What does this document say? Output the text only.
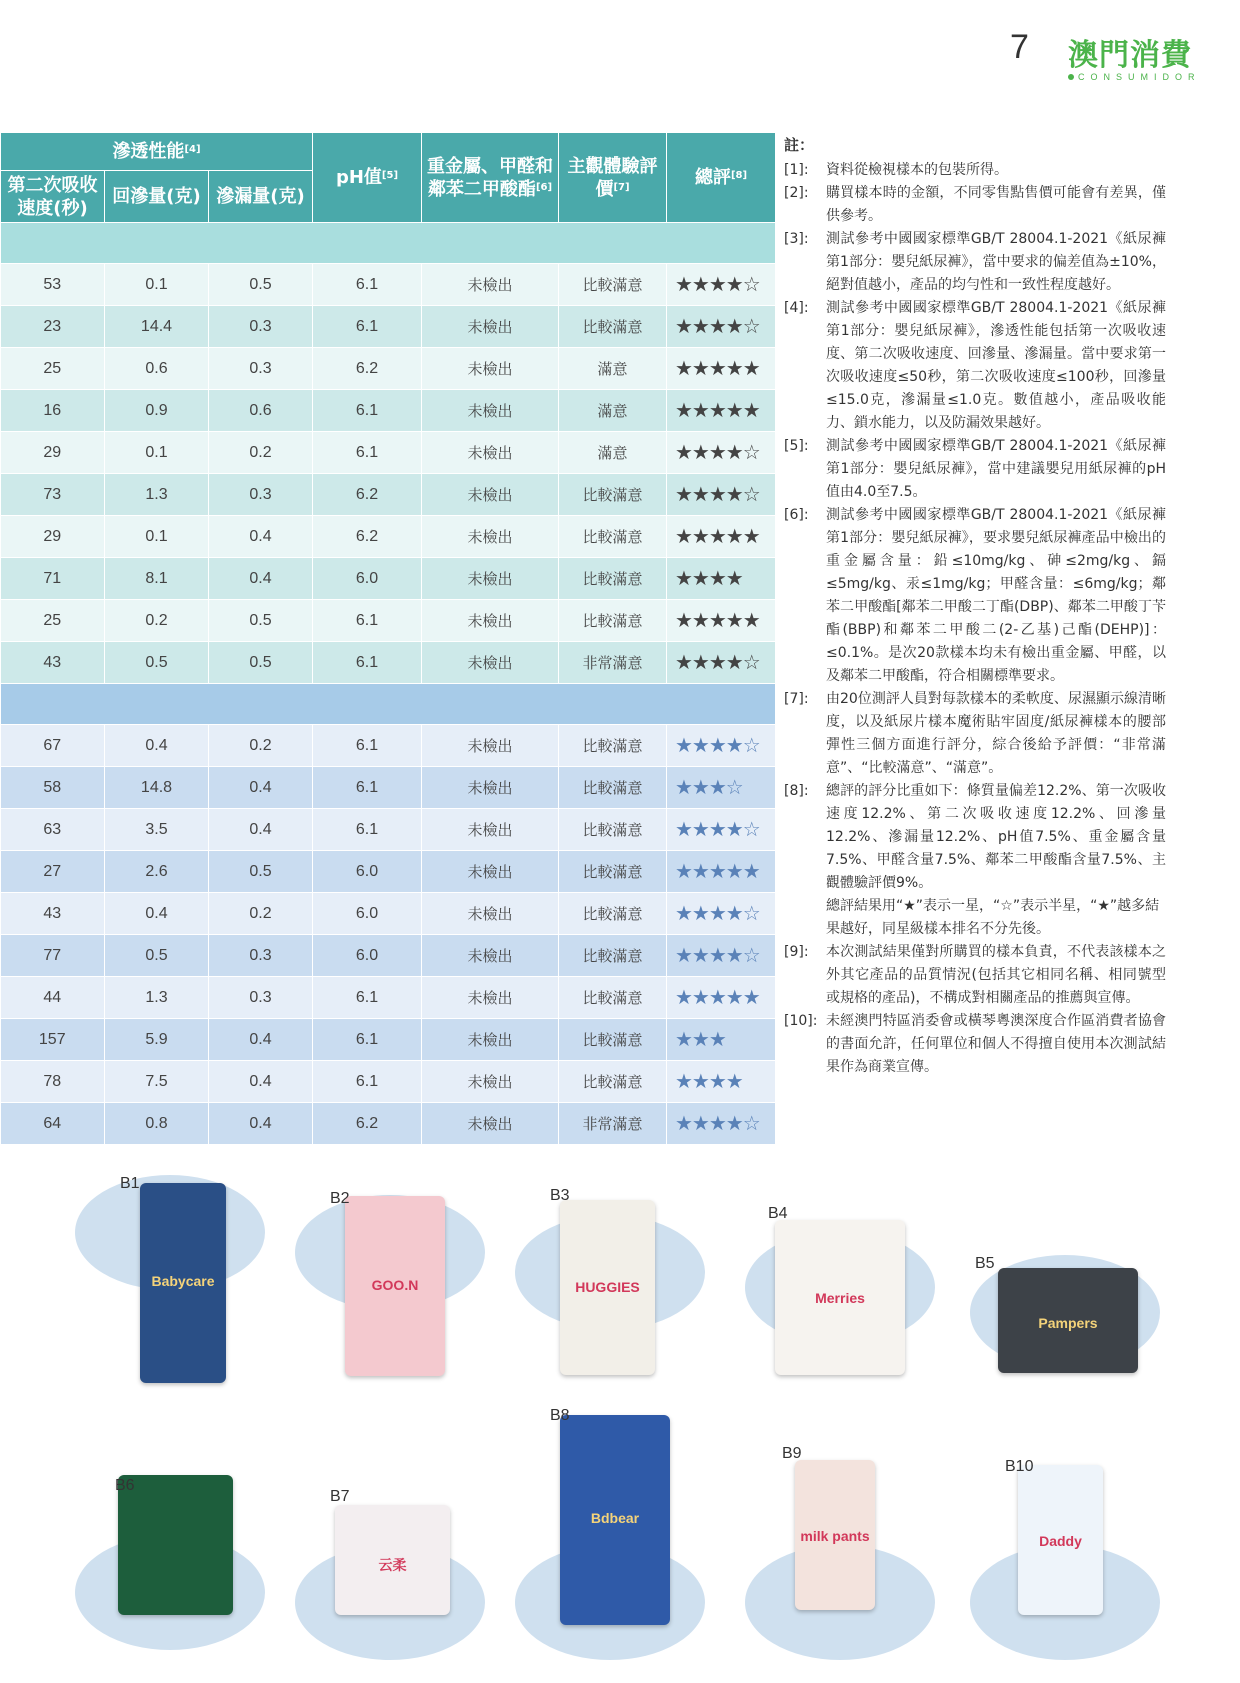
7 澳門消費
CONSUMIDOR
滲透性能[4]			pH值[5]	重金屬、甲醛和鄰苯二甲酸酯[6]	主觀體驗評價[7]	總評[8]
第二次吸收速度(秒)	回滲量(克)	滲漏量(克)				

53	0.1	0.5	6.1	未檢出	比較滿意	★★★★☆
23	14.4	0.3	6.1	未檢出	比較滿意	★★★★☆
25	0.6	0.3	6.2	未檢出	滿意	★★★★★
16	0.9	0.6	6.1	未檢出	滿意	★★★★★
29	0.1	0.2	6.1	未檢出	滿意	★★★★☆
73	1.3	0.3	6.2	未檢出	比較滿意	★★★★☆
29	0.1	0.4	6.2	未檢出	比較滿意	★★★★★
71	8.1	0.4	6.0	未檢出	比較滿意	★★★★
25	0.2	0.5	6.1	未檢出	比較滿意	★★★★★
43	0.5	0.5	6.1	未檢出	非常滿意	★★★★☆

67	0.4	0.2	6.1	未檢出	比較滿意	★★★★☆
58	14.8	0.4	6.1	未檢出	比較滿意	★★★☆
63	3.5	0.4	6.1	未檢出	比較滿意	★★★★☆
27	2.6	0.5	6.0	未檢出	比較滿意	★★★★★
43	0.4	0.2	6.0	未檢出	比較滿意	★★★★☆
77	0.5	0.3	6.0	未檢出	比較滿意	★★★★☆
44	1.3	0.3	6.1	未檢出	比較滿意	★★★★★
157	5.9	0.4	6.1	未檢出	比較滿意	★★★
78	7.5	0.4	6.1	未檢出	比較滿意	★★★★
64	0.8	0.4	6.2	未檢出	非常滿意	★★★★☆
註：
[1]:	資料從檢視樣本的包裝所得。
[2]:	購買樣本時的金額，不同零售點售價可能會有差異，僅供參考。
[3]:	測試參考中國國家標準GB/T 28004.1-2021《紙尿褲 第1部分：嬰兒紙尿褲》，當中要求的偏差值為±10%，絕對值越小，產品的均勻性和一致性程度越好。
[4]:	測試參考中國國家標準GB/T 28004.1-2021《紙尿褲 第1部分：嬰兒紙尿褲》，滲透性能包括第一次吸收速度、第二次吸收速度、回滲量、滲漏量。當中要求第一次吸收速度≤50秒，第二次吸收速度≤100秒，回滲量≤15.0克，滲漏量≤1.0克。數值越小，產品吸收能力、鎖水能力，以及防漏效果越好。
[5]:	測試參考中國國家標準GB/T 28004.1-2021《紙尿褲 第1部分：嬰兒紙尿褲》，當中建議嬰兒用紙尿褲的pH值由4.0至7.5。
[6]:	測試參考中國國家標準GB/T 28004.1-2021《紙尿褲 第1部分：嬰兒紙尿褲》，要求嬰兒紙尿褲產品中檢出的重金屬含量：鉛≤10mg/kg、砷≤2mg/kg、鎘≤5mg/kg、汞≤1mg/kg；甲醛含量：≤6mg/kg；鄰苯二甲酸酯[鄰苯二甲酸二丁酯(DBP)、鄰苯二甲酸丁苄酯(BBP)和鄰苯二甲酸二(2-乙基)己酯(DEHP)]：≤0.1%。是次20款樣本均未有檢出重金屬、甲醛，以及鄰苯二甲酸酯，符合相關標準要求。
[7]:	由20位測評人員對每款樣本的柔軟度、尿濕顯示線清晰度，以及紙尿片樣本魔術貼牢固度/紙尿褲樣本的腰部彈性三個方面進行評分，綜合後給予評價：“非常滿意”、“比較滿意”、“滿意”。
[8]:	總評的評分比重如下：條質量偏差12.2%、第一次吸收速度12.2%、第二次吸收速度12.2%、回滲量12.2%、滲漏量12.2%、pH值7.5%、重金屬含量7.5%、甲醛含量7.5%、鄰苯二甲酸酯含量7.5%、主觀體驗評價9%。
總評結果用“★”表示一星，“☆”表示半星，“★”越多結果越好，同星級樣本排名不分先後。
[9]:	本次測試結果僅對所購買的樣本負責，不代表該樣本之外其它產品的品質情況(包括其它相同名稱、相同號型或規格的產品)，不構成對相關產品的推薦與宣傳。
[10]: 未經澳門特區消委會或橫琴粵澳深度合作區消費者協會的書面允許，任何單位和個人不得擅自使用本次測試結果作為商業宣傳。
Babycare
B1
GOO.N
B2
HUGGIES
B3
Merries
B4
Pampers
B5
B6
云柔
B7
Bdbear
B8
milk pants
B9
Daddy
B10
